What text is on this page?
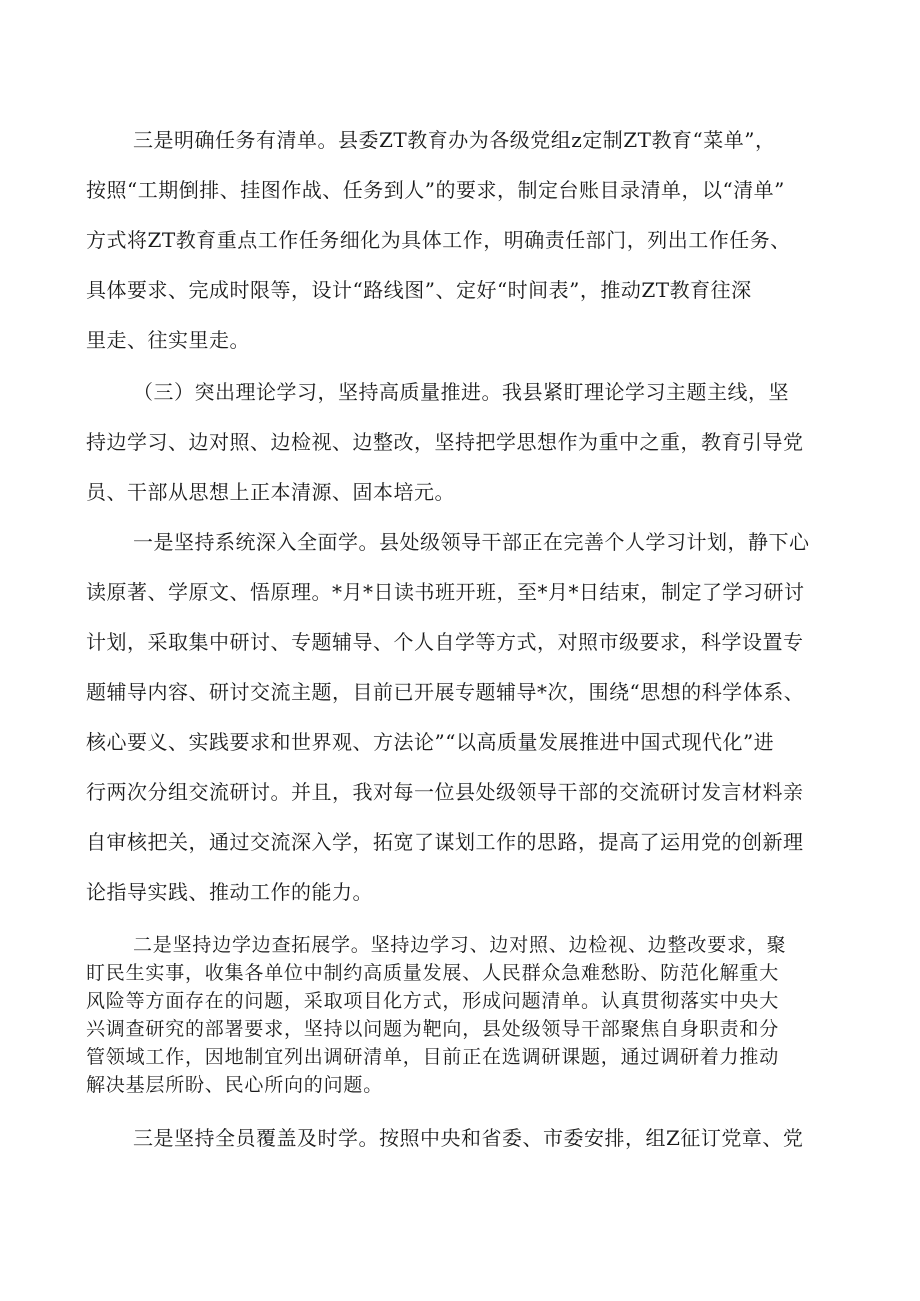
三是明确任务有清单。县委ZT教育办为各级党组z定制ZT教育“菜单”，
按照“工期倒排、挂图作战、任务到人”的要求，制定台账目录清单，以“清单”
方式将ZT教育重点工作任务细化为具体工作，明确责任部门，列出工作任务、
具体要求、完成时限等，设计“路线图”、定好“时间表”，推动ZT教育往深
里走、往实里走。
（三）突出理论学习，坚持高质量推进。我县紧盯理论学习主题主线，坚
持边学习、边对照、边检视、边整改，坚持把学思想作为重中之重，教育引导党
员、干部从思想上正本清源、固本培元。
一是坚持系统深入全面学。县处级领导干部正在完善个人学习计划，静下心
读原著、学原文、悟原理。*月*日读书班开班，至*月*日结束，制定了学习研讨
计划，采取集中研讨、专题辅导、个人自学等方式，对照市级要求，科学设置专
题辅导内容、研讨交流主题，目前已开展专题辅导*次，围绕“思想的科学体系、
核心要义、实践要求和世界观、方法论”“以高质量发展推进中国式现代化”进
行两次分组交流研讨。并且，我对每一位县处级领导干部的交流研讨发言材料亲
自审核把关，通过交流深入学，拓宽了谋划工作的思路，提高了运用党的创新理
论指导实践、推动工作的能力。
二是坚持边学边查拓展学。坚持边学习、边对照、边检视、边整改要求，聚
盯民生实事，收集各单位中制约高质量发展、人民群众急难愁盼、防范化解重大
风险等方面存在的问题，采取项目化方式，形成问题清单。认真贯彻落实中央大
兴调查研究的部署要求，坚持以问题为靶向，县处级领导干部聚焦自身职责和分
管领域工作，因地制宜列出调研清单，目前正在选调研课题，通过调研着力推动
解决基层所盼、民心所向的问题。
三是坚持全员覆盖及时学。按照中央和省委、市委安排，组Z征订党章、党
